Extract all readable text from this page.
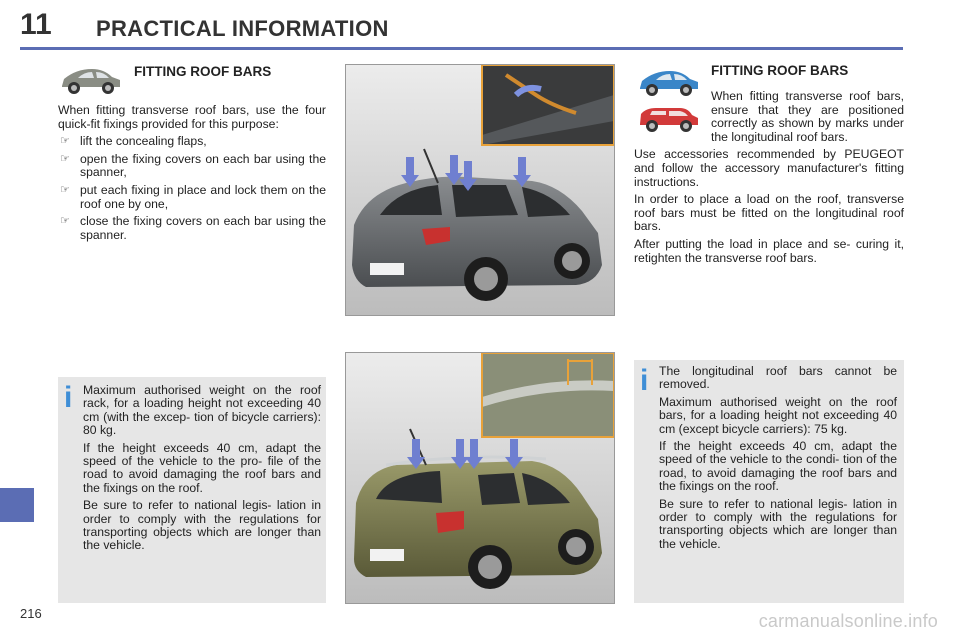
11 PRACTICAL INFORMATION
FITTING ROOF BARS

When fitting transverse roof bars, use the four quick-fit fixings provided for this purpose:

☞ lift the concealing flaps,
☞ open the fixing covers on each bar using the spanner,
☞ put each fixing in place and lock them on the roof one by one,
☞ close the fixing covers on each bar using the spanner.
i Maximum authorised weight on the roof rack, for a loading height not exceeding 40 cm (with the excep- tion of bicycle carriers): 80 kg.

If the height exceeds 40 cm, adapt the speed of the vehicle to the pro- file of the road to avoid damaging the roof bars and the fixings on the roof.

Be sure to refer to national legis- lation in order to comply with the regulations for transporting objects which are longer than the vehicle.

FITTING ROOF BARS

When fitting transverse roof bars, ensure that they are positioned correctly as shown by marks under the longitudinal roof bars.

Use accessories recommended by PEUGEOT and follow the accessory manufacturer's fitting instructions.

In order to place a load on the roof, transverse roof bars must be fitted on the longitudinal roof bars.

After putting the load in place and se- curing it, retighten the transverse roof bars.

i The longitudinal roof bars cannot be removed.

Maximum authorised weight on the roof bars, for a loading height not exceeding 40 cm (except bicycle carriers): 75 kg.

If the height exceeds 40 cm, adapt the speed of the vehicle to the condi- tion of the road, to avoid damaging the roof bars and the fixings on the roof.

Be sure to refer to national legis- lation in order to comply with the regulations for transporting objects which are longer than the vehicle.

216	carmanualsonline.info
